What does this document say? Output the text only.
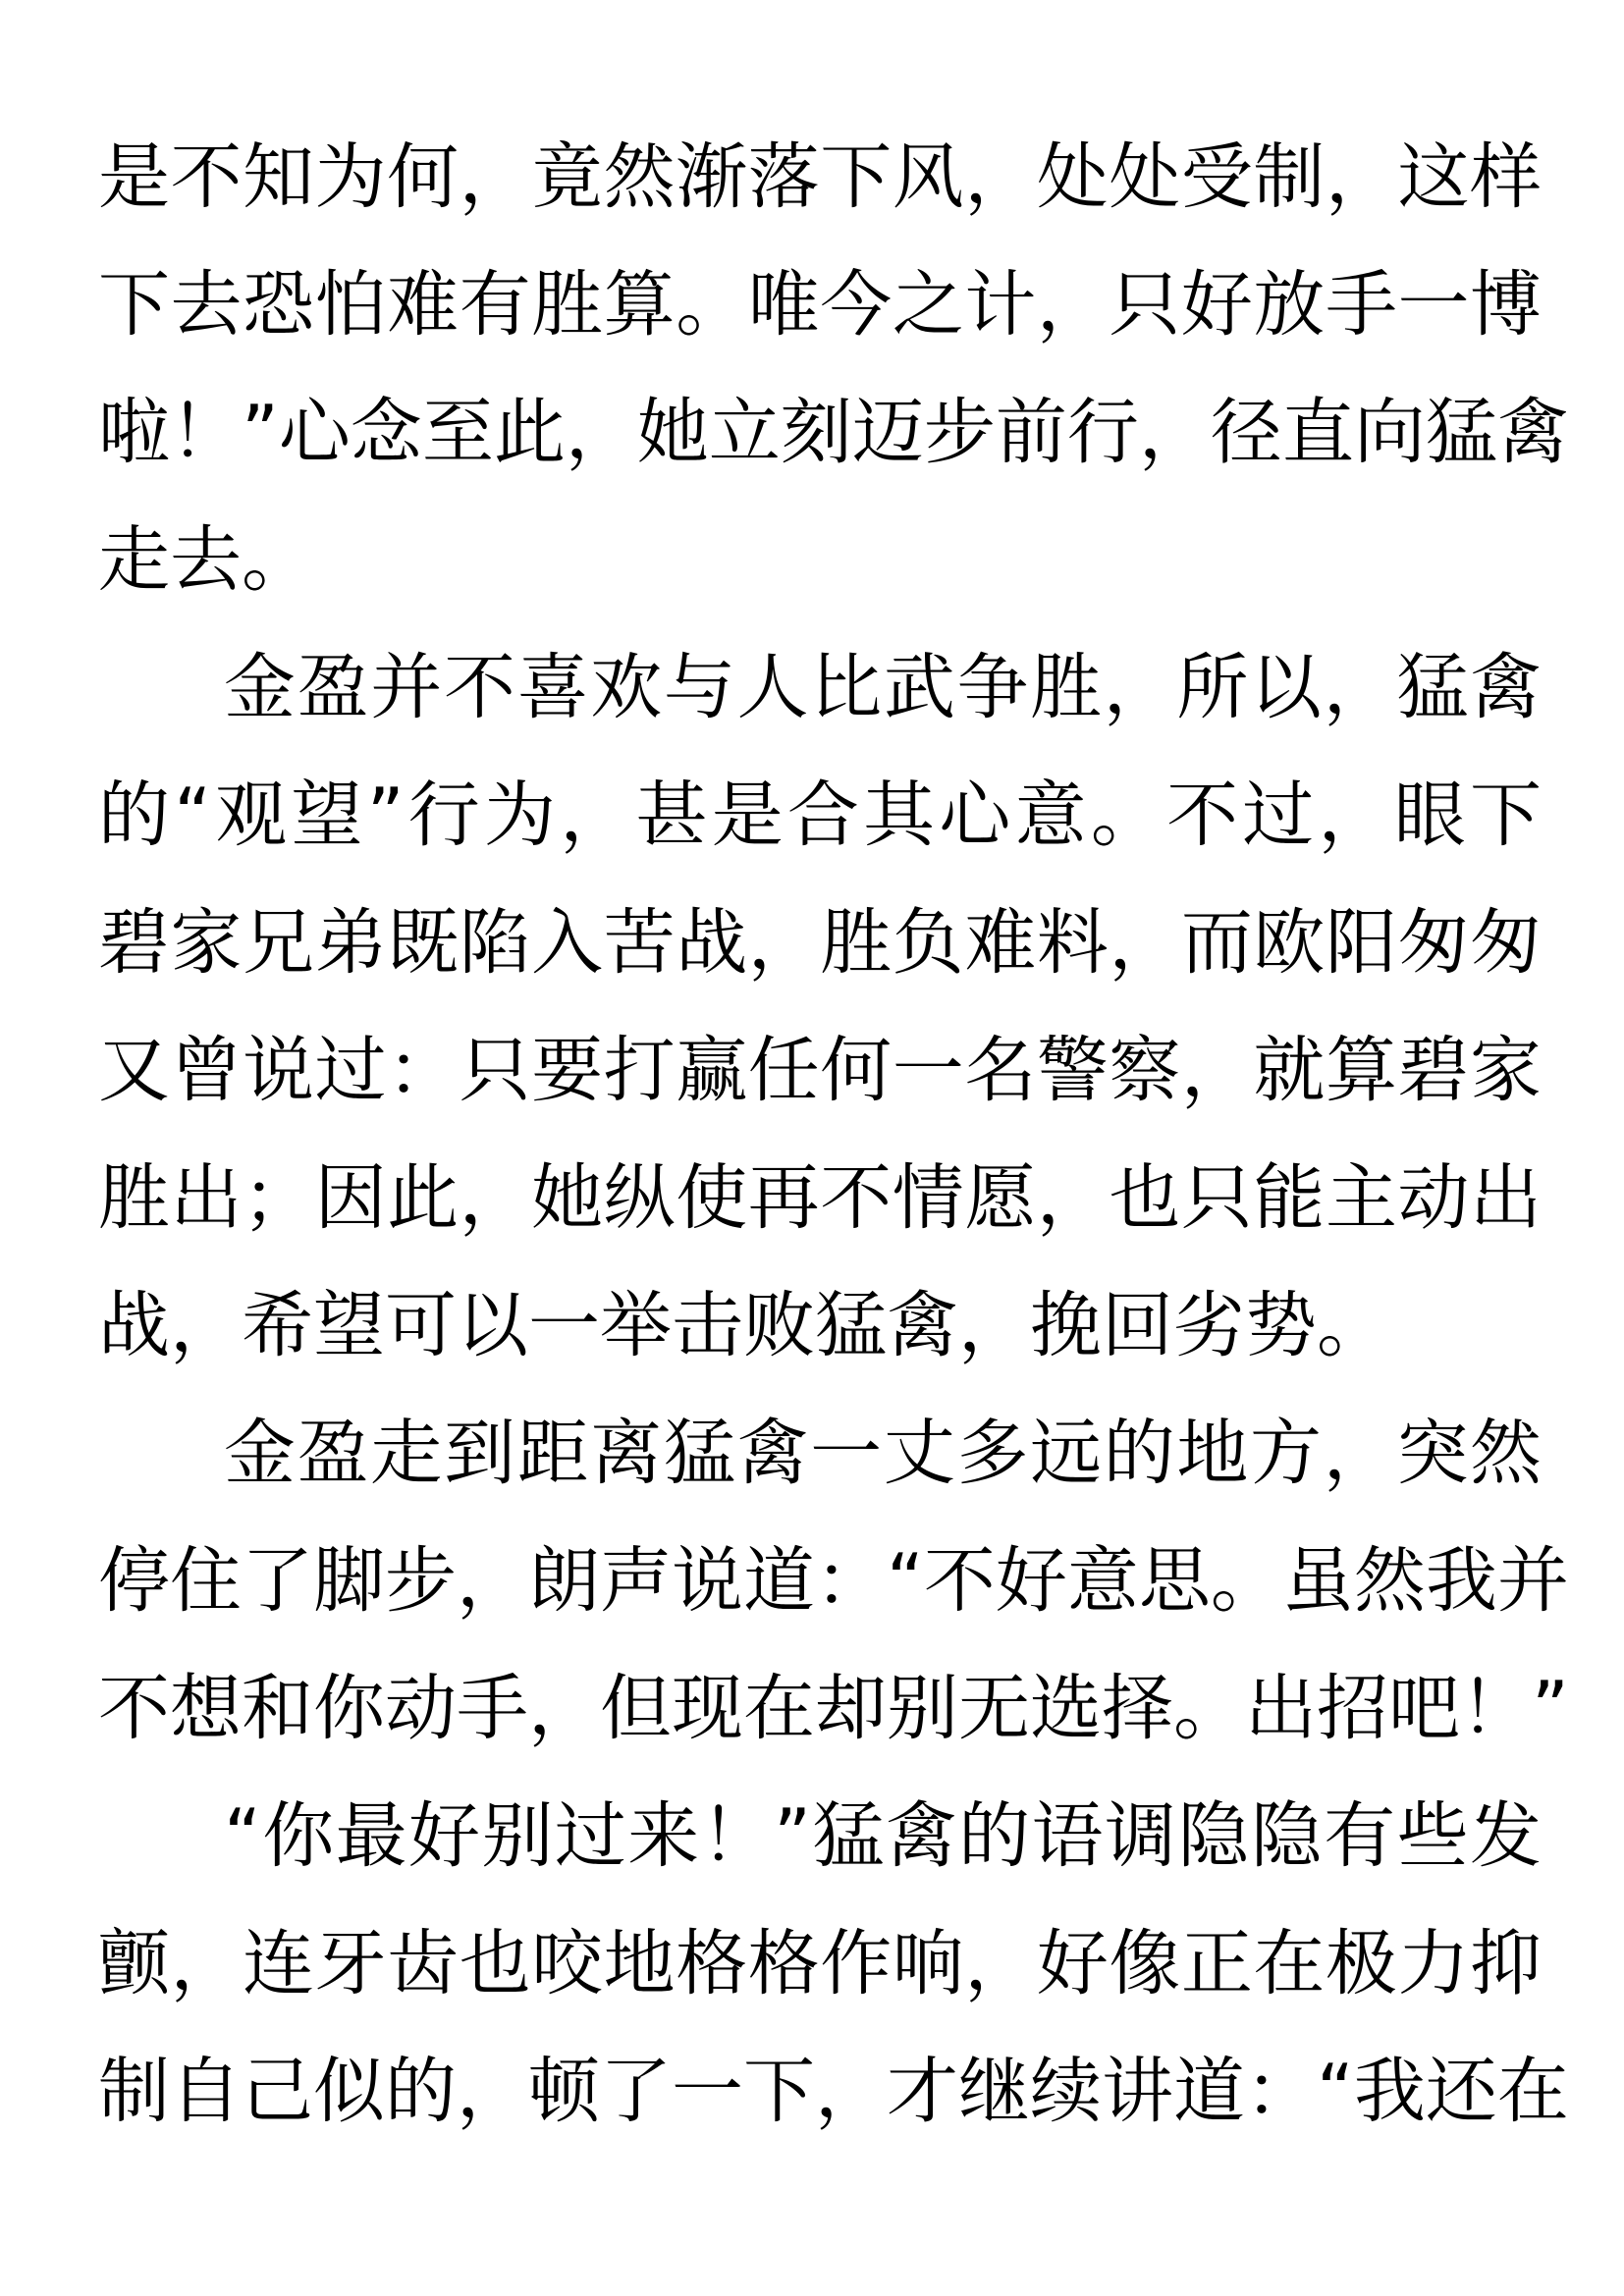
是不知为何，竟然渐落下风，处处受制，这样
下去恐怕难有胜算。唯今之计，只好放手一博
啦！”心念至此，她立刻迈步前行，径直向猛禽
走去。
金盈并不喜欢与人比武争胜，所以，猛禽
的“观望”行为，甚是合其心意。不过，眼下
碧家兄弟既陷入苦战，胜负难料，而欧阳匆匆
又曾说过：只要打赢任何一名警察，就算碧家
胜出；因此，她纵使再不情愿，也只能主动出
战，希望可以一举击败猛禽，挽回劣势。
金盈走到距离猛禽一丈多远的地方，突然
停住了脚步，朗声说道：“不好意思。虽然我并
不想和你动手，但现在却别无选择。出招吧！”
“你最好别过来！”猛禽的语调隐隐有些发
颤，连牙齿也咬地格格作响，好像正在极力抑
制自己似的，顿了一下，才继续讲道：“我还在
